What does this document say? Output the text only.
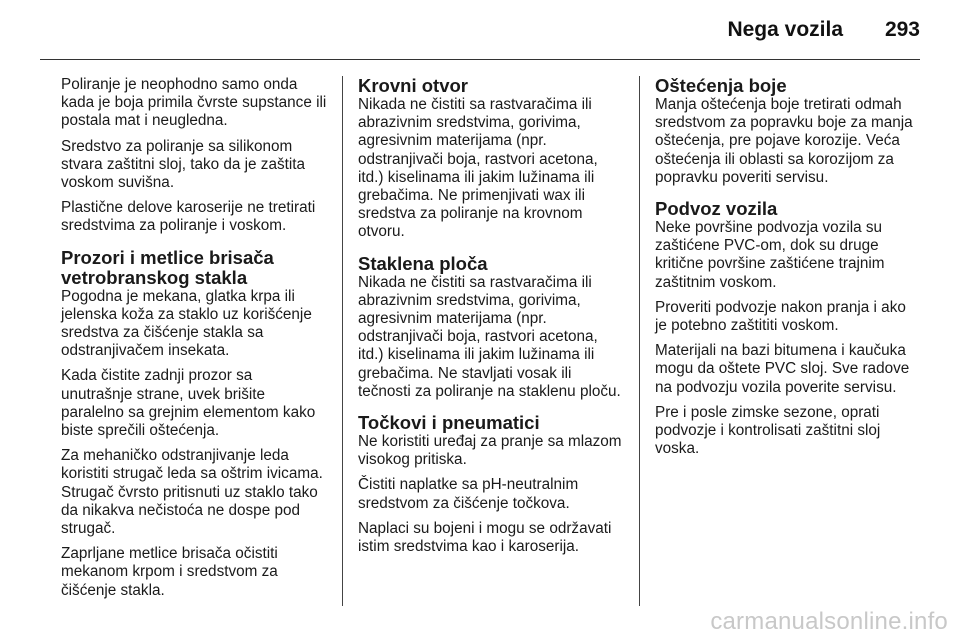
Nega vozila 293

Poliranje je neophodno samo onda kada je boja primila čvrste supstance ili postala mat i neugledna.

Sredstvo za poliranje sa silikonom stvara zaštitni sloj, tako da je zaštita voskom suvišna.

Plastične delove karoserije ne tretirati sredstvima za poliranje i voskom.

Prozori i metlice brisača vetrobranskog stakla

Pogodna je mekana, glatka krpa ili jelenska koža za staklo uz korišćenje sredstva za čišćenje stakla sa odstranjivačem insekata.

Kada čistite zadnji prozor sa unutrašnje strane, uvek brišite paralelno sa grejnim elementom kako biste sprečili oštećenja.

Za mehaničko odstranjivanje leda koristiti strugač leda sa oštrim ivicama. Strugač čvrsto pritisnuti uz staklo tako da nikakva nečistoća ne dospe pod strugač.

Zaprljane metlice brisača očistiti mekanom krpom i sredstvom za čišćenje stakla.

Krovni otvor

Nikada ne čistiti sa rastvaračima ili abrazivnim sredstvima, gorivima, agresivnim materijama (npr. odstranjivači boja, rastvori acetona, itd.) kiselinama ili jakim lužinama ili grebačima. Ne primenjivati wax ili sredstva za poliranje na krovnom otvoru.

Staklena ploča

Nikada ne čistiti sa rastvaračima ili abrazivnim sredstvima, gorivima, agresivnim materijama (npr. odstranjivači boja, rastvori acetona, itd.) kiselinama ili jakim lužinama ili grebačima. Ne stavljati vosak ili tečnosti za poliranje na staklenu ploču.

Točkovi i pneumatici

Ne koristiti uređaj za pranje sa mlazom visokog pritiska.

Čistiti naplatke sa pH-neutralnim sredstvom za čišćenje točkova.

Naplaci su bojeni i mogu se održavati istim sredstvima kao i karoserija.

Oštećenja boje

Manja oštećenja boje tretirati odmah sredstvom za popravku boje za manja oštećenja, pre pojave korozije. Veća oštećenja ili oblasti sa korozijom za popravku poveriti servisu.

Podvoz vozila

Neke površine podvozja vozila su zaštićene PVC-om, dok su druge kritične površine zaštićene trajnim zaštitnim voskom.

Proveriti podvozje nakon pranja i ako je potebno zaštititi voskom.

Materijali na bazi bitumena i kaučuka mogu da oštete PVC sloj. Sve radove na podvozju vozila poverite servisu.

Pre i posle zimske sezone, oprati podvozje i kontrolisati zaštitni sloj voska.

carmanualsonline.info
